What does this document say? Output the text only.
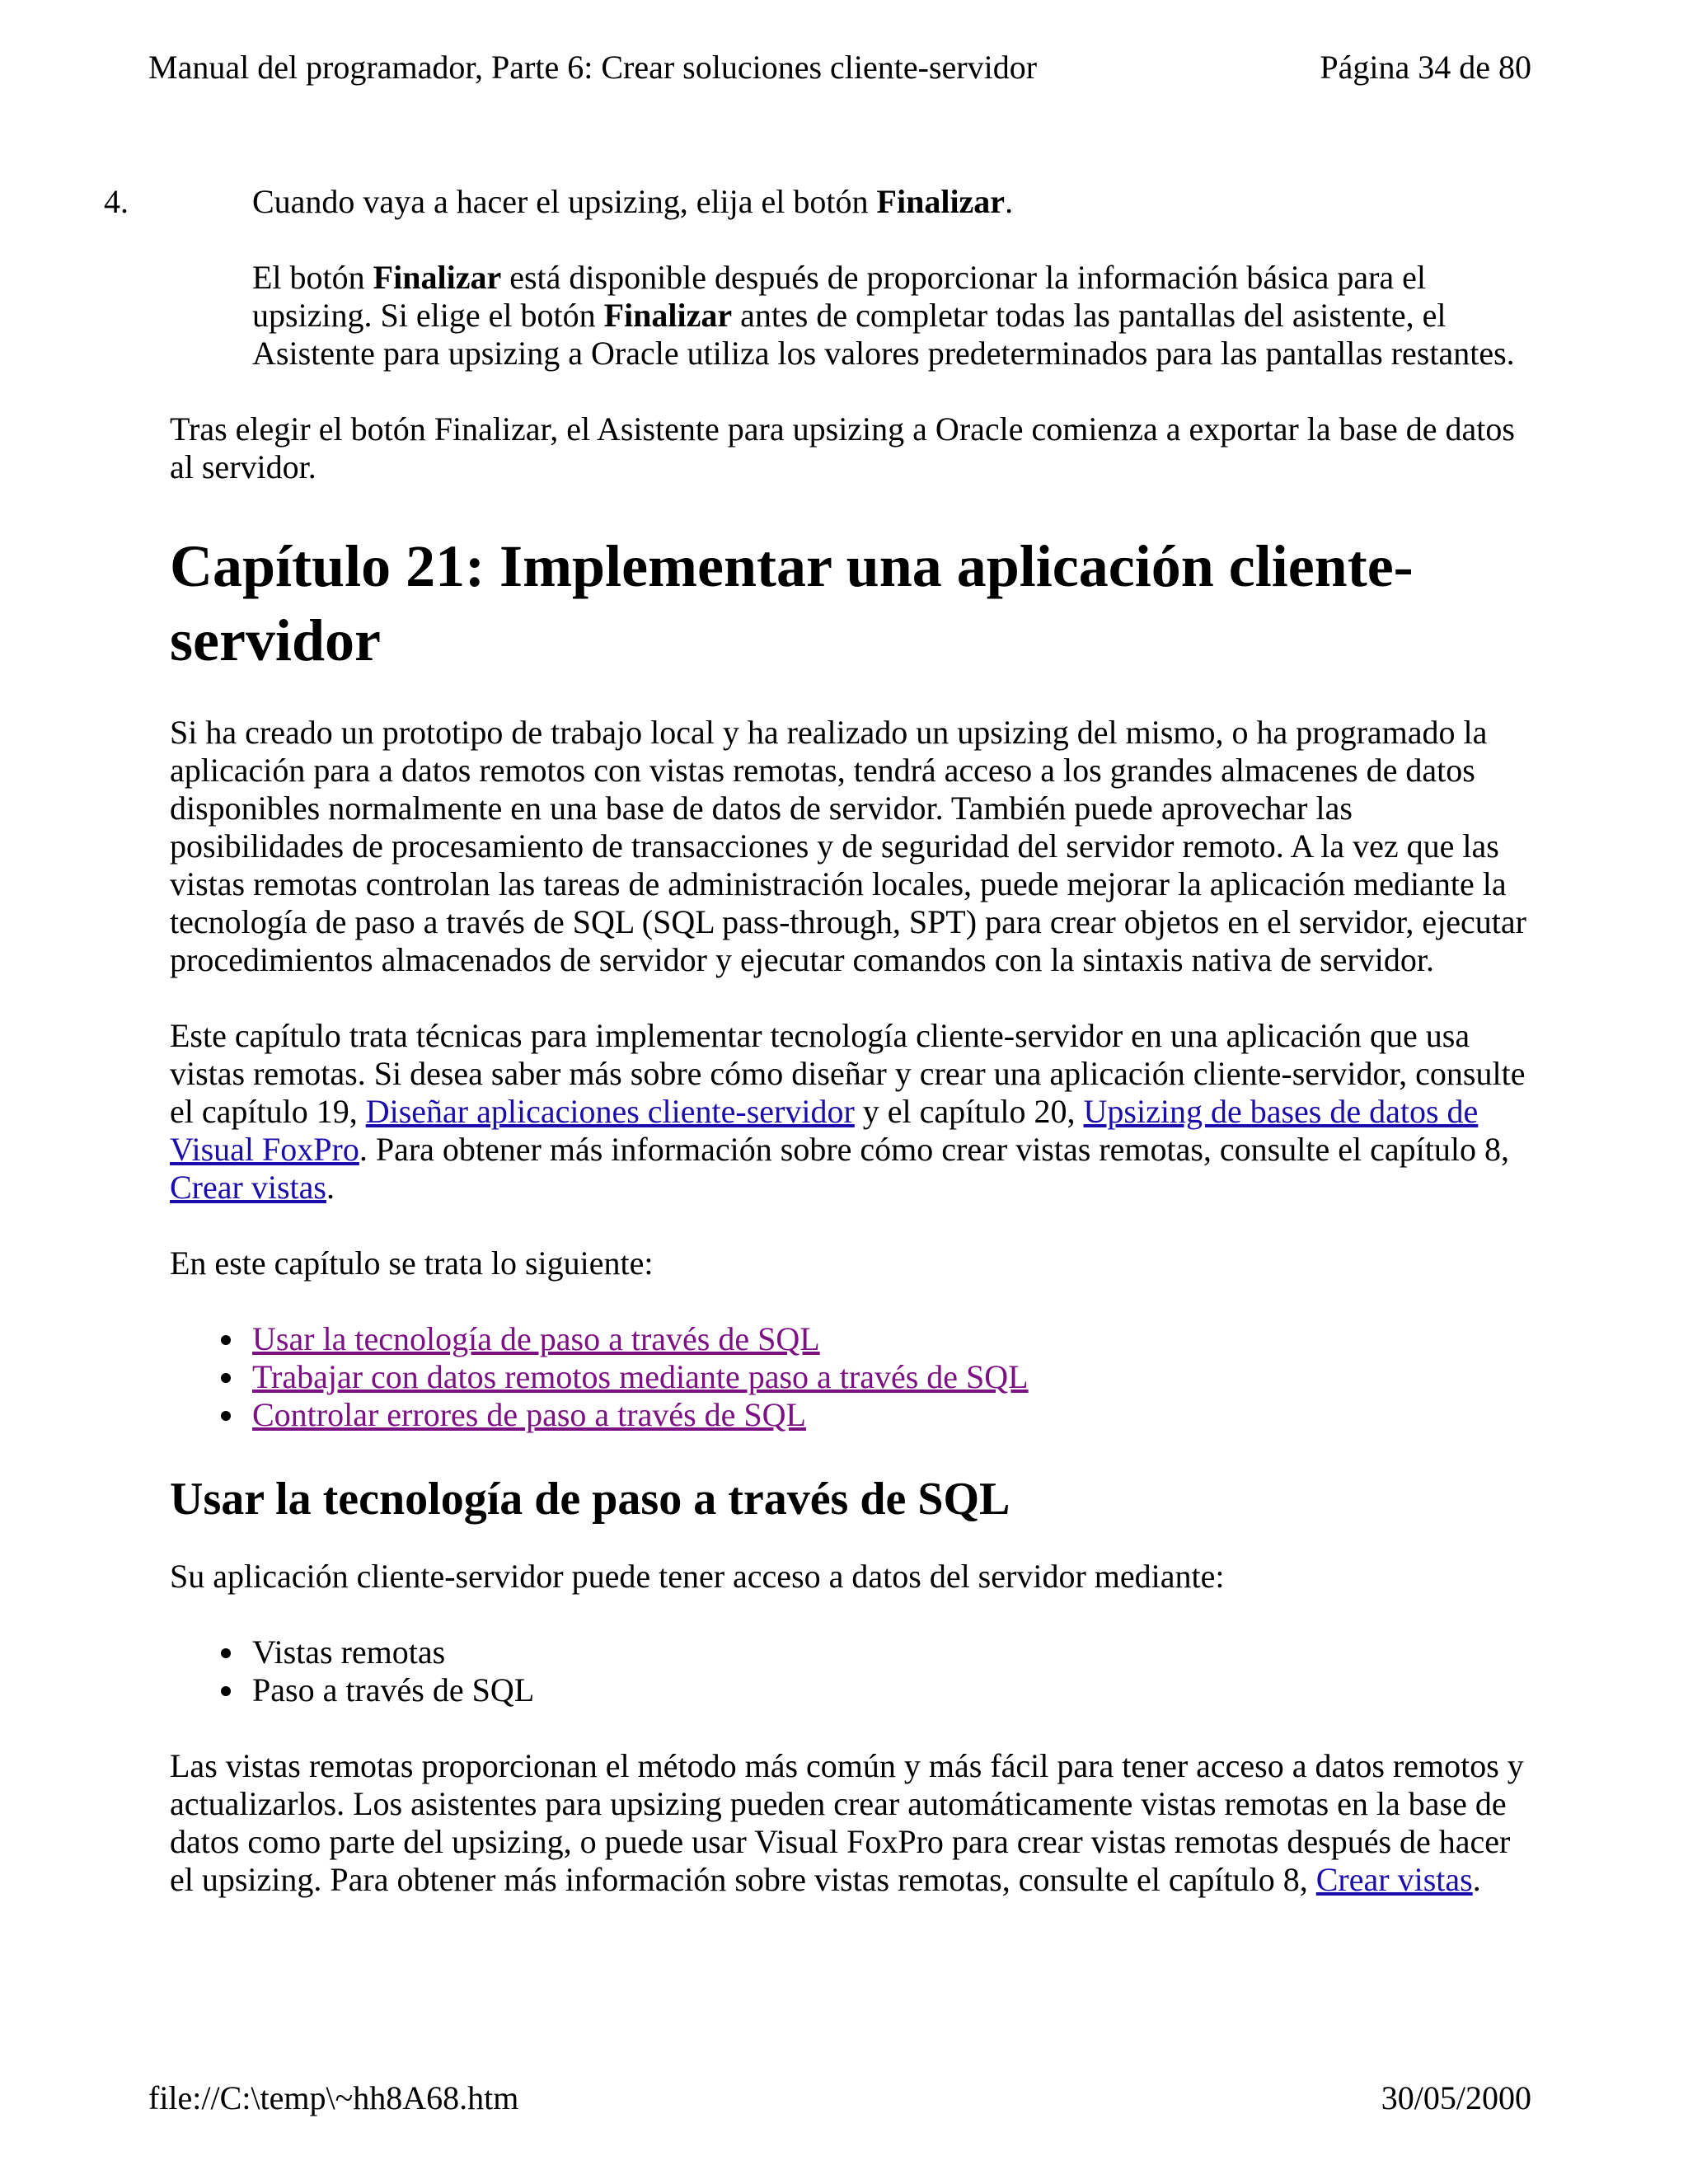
Manual del programador, Parte 6: Crear soluciones cliente-servidor	Página 34 de 80

4.	Cuando vaya a hacer el upsizing, elija el botón Finalizar.

El botón Finalizar está disponible después de proporcionar la información básica para el upsizing. Si elige el botón Finalizar antes de completar todas las pantallas del asistente, el Asistente para upsizing a Oracle utiliza los valores predeterminados para las pantallas restantes.

Tras elegir el botón Finalizar, el Asistente para upsizing a Oracle comienza a exportar la base de datos al servidor.

Capítulo 21: Implementar una aplicación cliente-servidor

Si ha creado un prototipo de trabajo local y ha realizado un upsizing del mismo, o ha programado la aplicación para a datos remotos con vistas remotas, tendrá acceso a los grandes almacenes de datos disponibles normalmente en una base de datos de servidor. También puede aprovechar las posibilidades de procesamiento de transacciones y de seguridad del servidor remoto. A la vez que las vistas remotas controlan las tareas de administración locales, puede mejorar la aplicación mediante la tecnología de paso a través de SQL (SQL pass-through, SPT) para crear objetos en el servidor, ejecutar procedimientos almacenados de servidor y ejecutar comandos con la sintaxis nativa de servidor.

Este capítulo trata técnicas para implementar tecnología cliente-servidor en una aplicación que usa vistas remotas. Si desea saber más sobre cómo diseñar y crear una aplicación cliente-servidor, consulte el capítulo 19, Diseñar aplicaciones cliente-servidor y el capítulo 20, Upsizing de bases de datos de Visual FoxPro. Para obtener más información sobre cómo crear vistas remotas, consulte el capítulo 8, Crear vistas.

En este capítulo se trata lo siguiente:

Usar la tecnología de paso a través de SQL
Trabajar con datos remotos mediante paso a través de SQL
Controlar errores de paso a través de SQL
Usar la tecnología de paso a través de SQL

Su aplicación cliente-servidor puede tener acceso a datos del servidor mediante:

Vistas remotas
Paso a través de SQL

Las vistas remotas proporcionan el método más común y más fácil para tener acceso a datos remotos y actualizarlos. Los asistentes para upsizing pueden crear automáticamente vistas remotas en la base de datos como parte del upsizing, o puede usar Visual FoxPro para crear vistas remotas después de hacer el upsizing. Para obtener más información sobre vistas remotas, consulte el capítulo 8, Crear vistas.

file://C:\temp\~hh8A68.htm	30/05/2000
